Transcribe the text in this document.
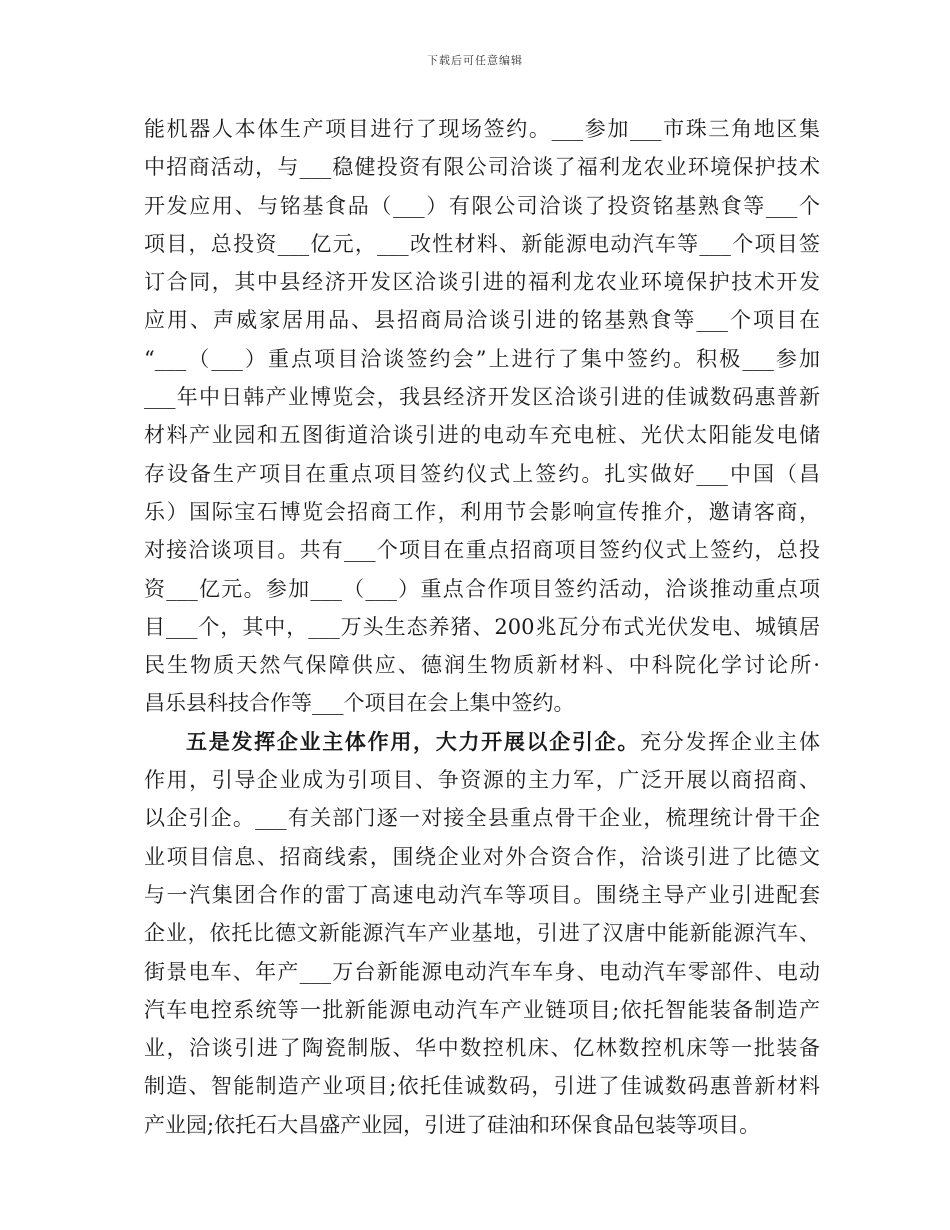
下载后可任意编辑
能机器人本体生产项目进行了现场签约。___参加___市珠三角地区集
中招商活动，与___稳健投资有限公司洽谈了福利龙农业环境保护技术
开发应用、与铭基食品（___）有限公司洽谈了投资铭基熟食等___个
项目，总投资___亿元，___改性材料、新能源电动汽车等___个项目签
订合同，其中县经济开发区洽谈引进的福利龙农业环境保护技术开发
应用、声威家居用品、县招商局洽谈引进的铭基熟食等___个项目在
“___（___）重点项目洽谈签约会”上进行了集中签约。积极___参加
___年中日韩产业博览会，我县经济开发区洽谈引进的佳诚数码惠普新
材料产业园和五图街道洽谈引进的电动车充电桩、光伏太阳能发电储
存设备生产项目在重点项目签约仪式上签约。扎实做好___中国（昌
乐）国际宝石博览会招商工作，利用节会影响宣传推介，邀请客商，
对接洽谈项目。共有___个项目在重点招商项目签约仪式上签约，总投
资___亿元。参加___（___）重点合作项目签约活动，洽谈推动重点项
目___个，其中，___万头生态养猪、200兆瓦分布式光伏发电、城镇居
民生物质天然气保障供应、德润生物质新材料、中科院化学讨论所·
昌乐县科技合作等___个项目在会上集中签约。
五是发挥企业主体作用，大力开展以企引企。充分发挥企业主体
作用，引导企业成为引项目、争资源的主力军，广泛开展以商招商、
以企引企。___有关部门逐一对接全县重点骨干企业，梳理统计骨干企
业项目信息、招商线索，围绕企业对外合资合作，洽谈引进了比德文
与一汽集团合作的雷丁高速电动汽车等项目。围绕主导产业引进配套
企业，依托比德文新能源汽车产业基地，引进了汉唐中能新能源汽车、
街景电车、年产___万台新能源电动汽车车身、电动汽车零部件、电动
汽车电控系统等一批新能源电动汽车产业链项目;依托智能装备制造产
业，洽谈引进了陶瓷制版、华中数控机床、亿林数控机床等一批装备
制造、智能制造产业项目;依托佳诚数码，引进了佳诚数码惠普新材料
产业园;依托石大昌盛产业园，引进了硅油和环保食品包装等项目。
